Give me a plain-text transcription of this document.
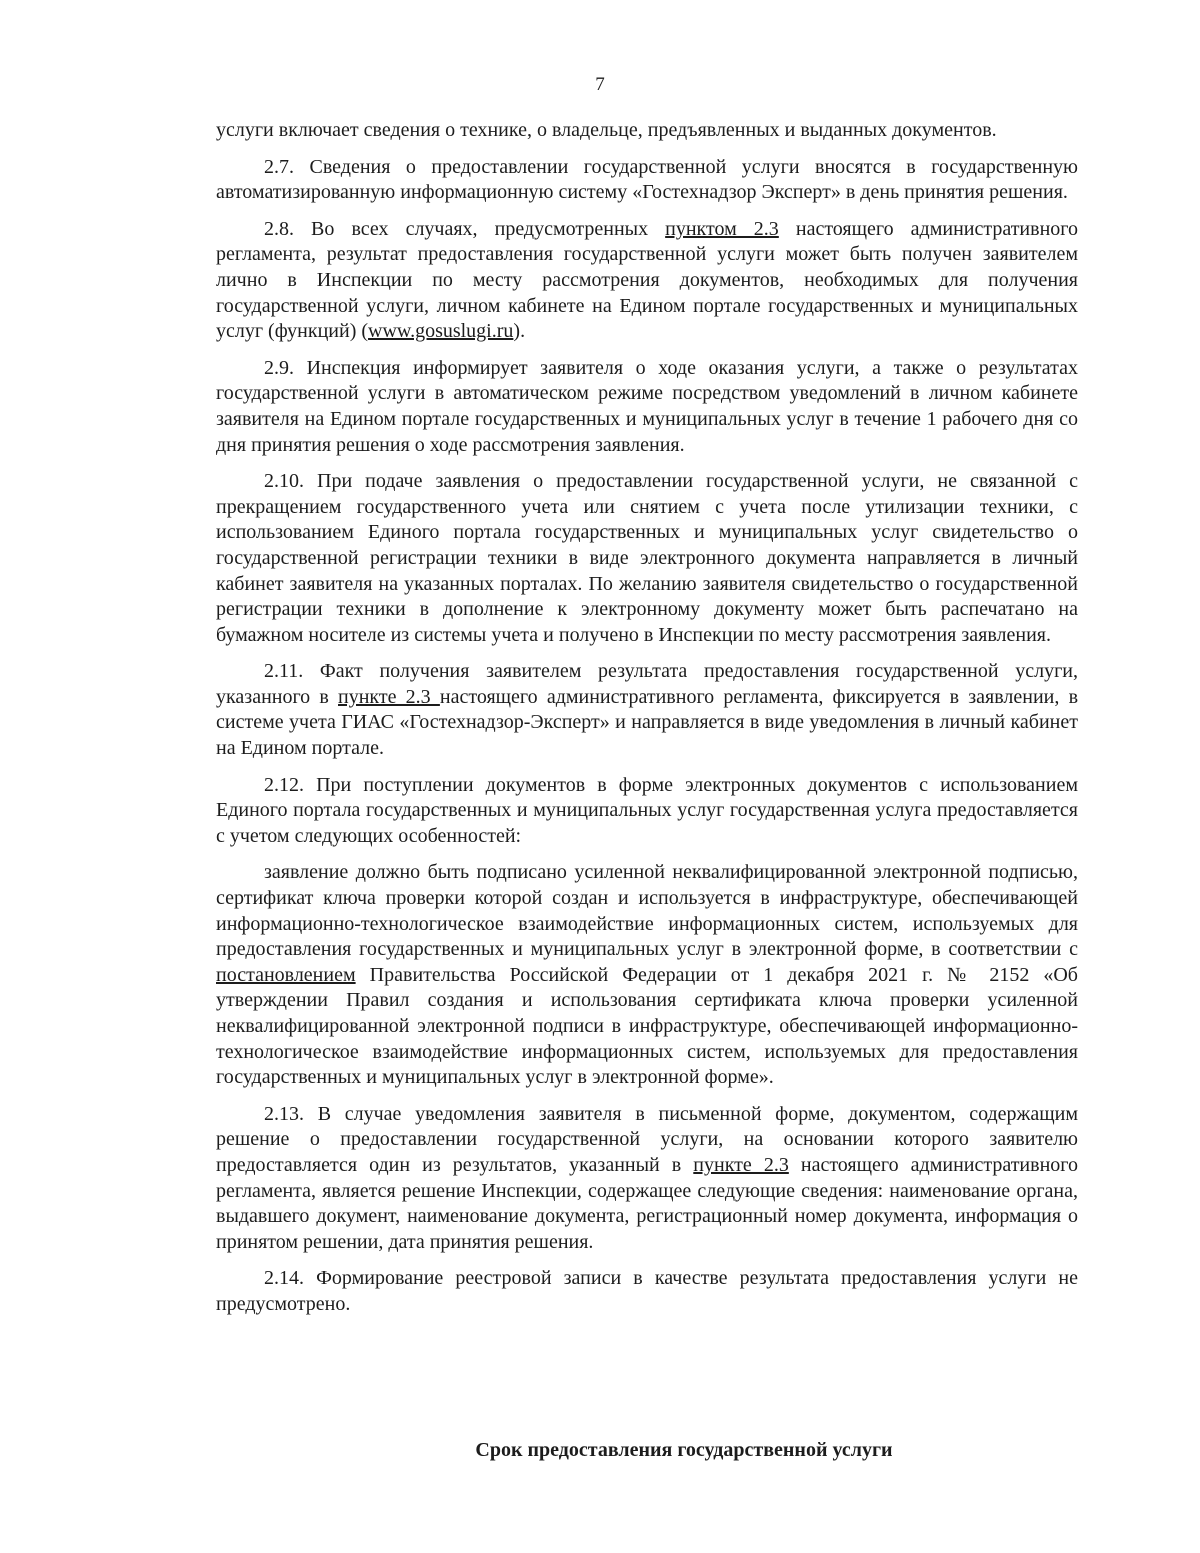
7

услуги включает сведения о технике, о владельце, предъявленных и выданных документов.

2.7. Сведения о предоставлении государственной услуги вносятся в государственную автоматизированную информационную систему «Гостехнадзор Эксперт» в день принятия решения.

2.8. Во всех случаях, предусмотренных пунктом 2.3 настоящего административного регламента, результат предоставления государственной услуги может быть получен заявителем лично в Инспекции по месту рассмотрения документов, необходимых для получения государственной услуги, личном кабинете на Едином портале государственных и муниципальных услуг (функций) (www.gosuslugi.ru).

2.9. Инспекция информирует заявителя о ходе оказания услуги, а также о результатах государственной услуги в автоматическом режиме посредством уведомлений в личном кабинете заявителя на Едином портале государственных и муниципальных услуг в течение 1 рабочего дня со дня принятия решения о ходе рассмотрения заявления.

2.10. При подаче заявления о предоставлении государственной услуги, не связанной с прекращением государственного учета или снятием с учета после утилизации техники, с использованием Единого портала государственных и муниципальных услуг свидетельство о государственной регистрации техники в виде электронного документа направляется в личный кабинет заявителя на указанных порталах. По желанию заявителя свидетельство о государственной регистрации техники в дополнение к электронному документу может быть распечатано на бумажном носителе из системы учета и получено в Инспекции по месту рассмотрения заявления.

2.11. Факт получения заявителем результата предоставления государственной услуги, указанного в пункте 2.3 настоящего административного регламента, фиксируется в заявлении, в системе учета ГИАС «Гостехнадзор-Эксперт» и направляется в виде уведомления в личный кабинет на Едином портале.

2.12. При поступлении документов в форме электронных документов с использованием Единого портала государственных и муниципальных услуг государственная услуга предоставляется с учетом следующих особенностей:

заявление должно быть подписано усиленной неквалифицированной электронной подписью, сертификат ключа проверки которой создан и используется в инфраструктуре, обеспечивающей информационно-технологическое взаимодействие информационных систем, используемых для предоставления государственных и муниципальных услуг в электронной форме, в соответствии с постановлением Правительства Российской Федерации от 1 декабря 2021 г. № 2152 «Об утверждении Правил создания и использования сертификата ключа проверки усиленной неквалифицированной электронной подписи в инфраструктуре, обеспечивающей информационно-технологическое взаимодействие информационных систем, используемых для предоставления государственных и муниципальных услуг в электронной форме».

2.13. В случае уведомления заявителя в письменной форме, документом, содержащим решение о предоставлении государственной услуги, на основании которого заявителю предоставляется один из результатов, указанный в пункте 2.3 настоящего административного регламента, является решение Инспекции, содержащее следующие сведения: наименование органа, выдавшего документ, наименование документа, регистрационный номер документа, информация о принятом решении, дата принятия решения.

2.14. Формирование реестровой записи в качестве результата предоставления услуги не предусмотрено.

Срок предоставления государственной услуги
